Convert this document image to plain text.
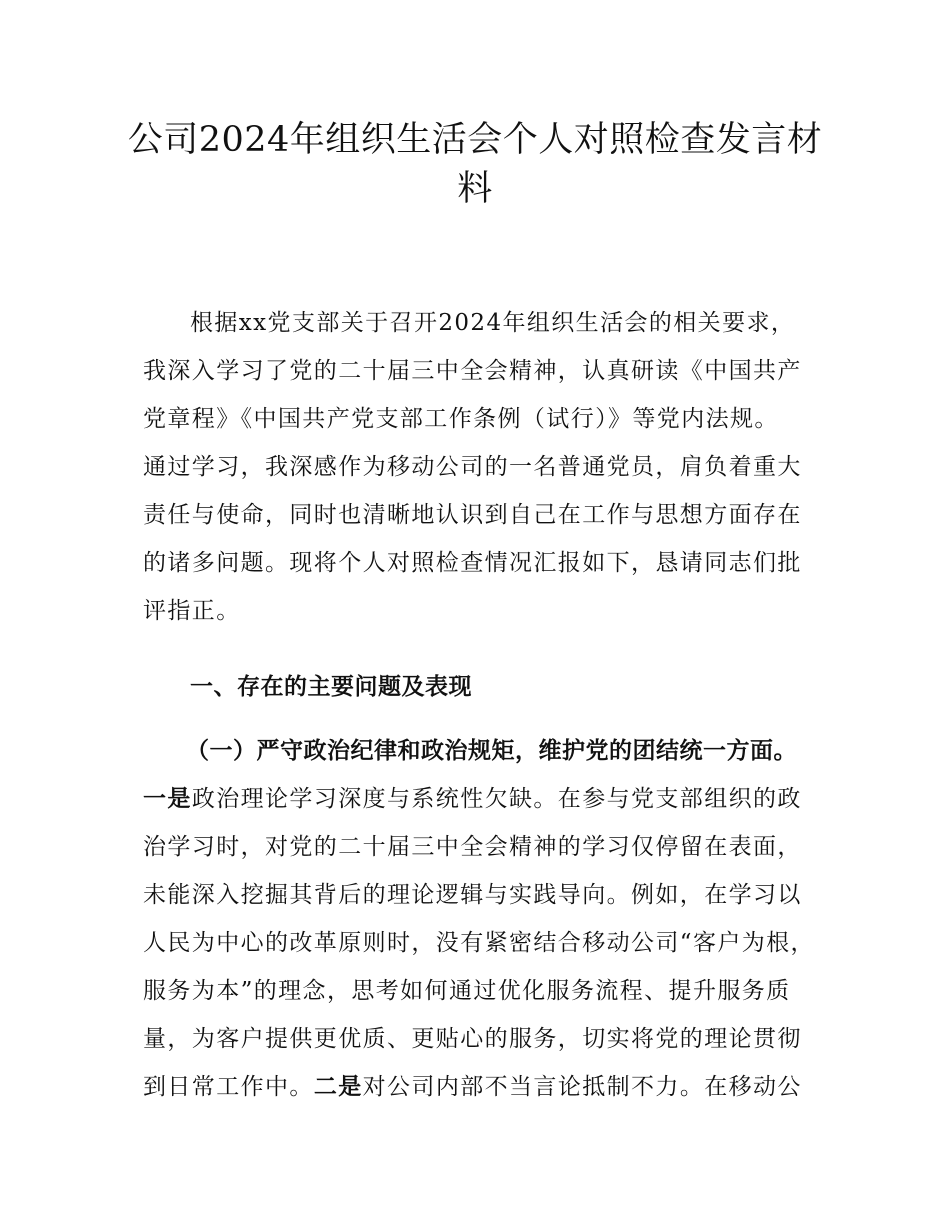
公司2024年组织生活会个人对照检查发言材
料
根据xx党支部关于召开2024年组织生活会的相关要求，
我深入学习了党的二十届三中全会精神，认真研读《中国共产
党章程》《中国共产党支部工作条例（试行）》等党内法规。
通过学习，我深感作为移动公司的一名普通党员，肩负着重大
责任与使命，同时也清晰地认识到自己在工作与思想方面存在
的诸多问题。现将个人对照检查情况汇报如下，恳请同志们批
评指正。
一、存在的主要问题及表现
（一）严守政治纪律和政治规矩，维护党的团结统一方面。
一是政治理论学习深度与系统性欠缺。在参与党支部组织的政
治学习时，对党的二十届三中全会精神的学习仅停留在表面，
未能深入挖掘其背后的理论逻辑与实践导向。例如，在学习以
人民为中心的改革原则时，没有紧密结合移动公司“客户为根，
服务为本”的理念，思考如何通过优化服务流程、提升服务质
量，为客户提供更优质、更贴心的服务，切实将党的理论贯彻
到日常工作中。二是对公司内部不当言论抵制不力。在移动公
